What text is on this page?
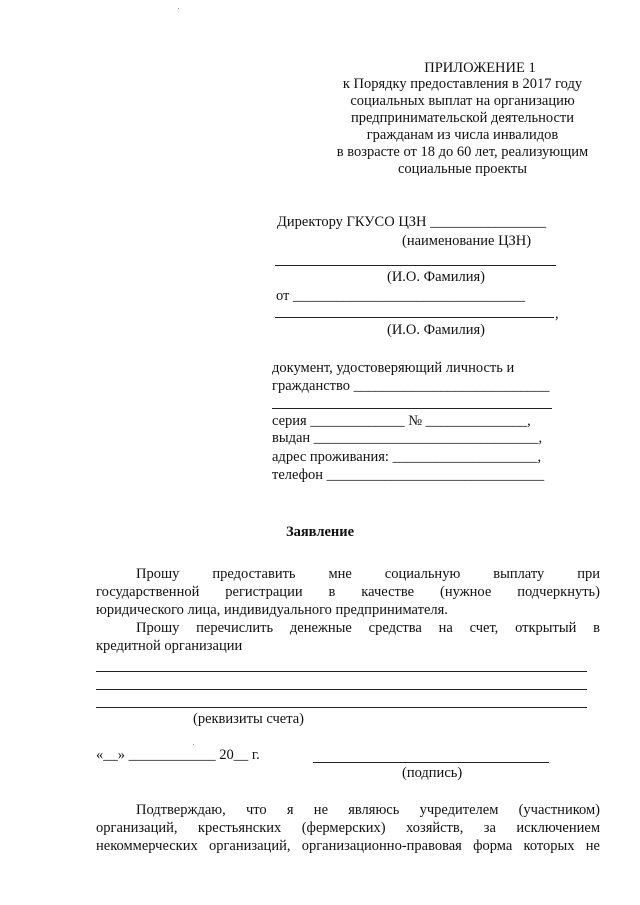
ПРИЛОЖЕНИЕ 1
к Порядку предоставления в 2017 году
социальных выплат на организацию
предпринимательской деятельности
гражданам из числа инвалидов
в возрасте от 18 до 60 лет, реализующим
социальные проекты
Директору ГКУСО ЦЗН ________________
(наименование ЦЗН)
(И.О. Фамилия)
от ________________________________
,
(И.О. Фамилия)
документ, удостоверяющий личность и
гражданство ___________________________
серия _____________ № ______________,
выдан _______________________________,
адрес проживания: ____________________,
телефон ______________________________
Заявление
Прошу предоставить мне социальную выплату при
государственной регистрации в качестве (нужное подчеркнуть)
юридического лица, индивидуального предпринимателя.
Прошу перечислить денежные средства на счет, открытый в
кредитной организации
(реквизиты счета)
«__» ____________ 20__ г.
(подпись)
Подтверждаю, что я не являюсь учредителем (участником)
организаций, крестьянских (фермерских) хозяйств, за исключением
некоммерческих организаций, организационно-правовая форма которых не
